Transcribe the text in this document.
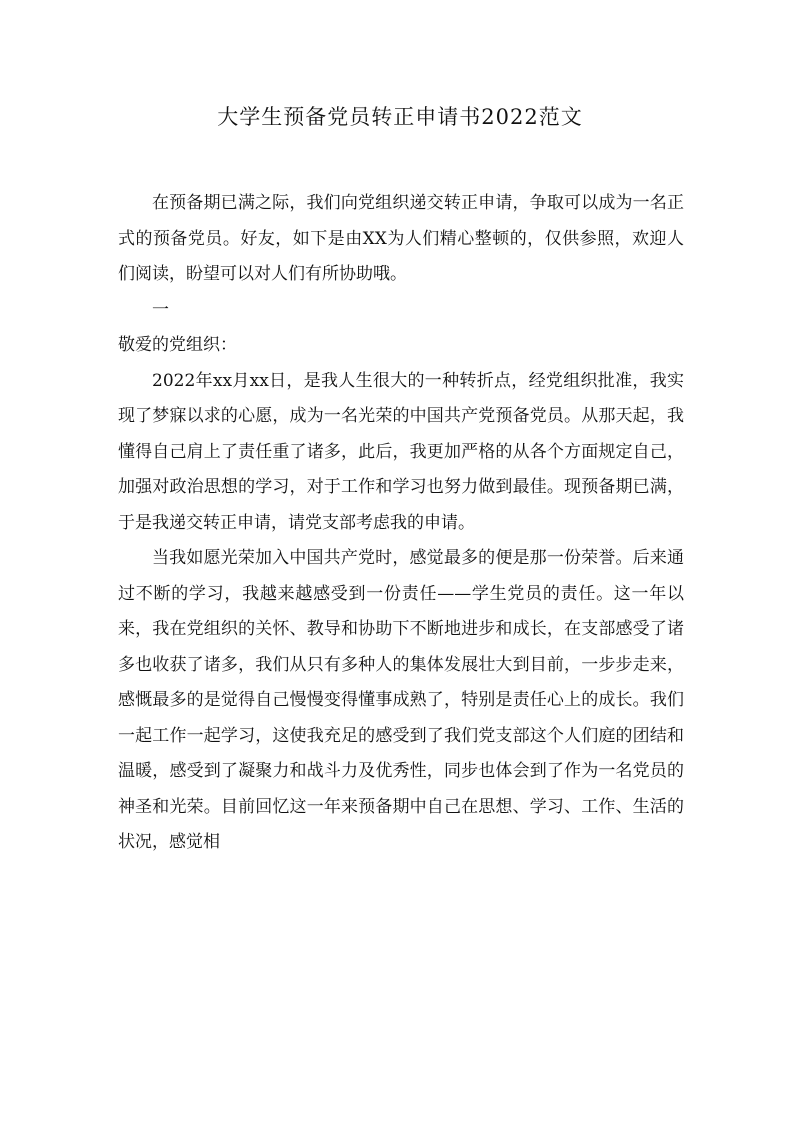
大学生预备党员转正申请书2022范文

在预备期已满之际，我们向党组织递交转正申请，争取可以成为一名正式的预备党员。好友，如下是由XX为人们精心整顿的，仅供参照，欢迎人们阅读，盼望可以对人们有所协助哦。

一

敬爱的党组织：

2022年xx月xx日，是我人生很大的一种转折点，经党组织批准，我实现了梦寐以求的心愿，成为一名光荣的中国共产党预备党员。从那天起，我懂得自己肩上了责任重了诸多，此后，我更加严格的从各个方面规定自己，加强对政治思想的学习，对于工作和学习也努力做到最佳。现预备期已满，于是我递交转正申请，请党支部考虑我的申请。

当我如愿光荣加入中国共产党时，感觉最多的便是那一份荣誉。后来通过不断的学习，我越来越感受到一份责任——学生党员的责任。这一年以来，我在党组织的关怀、教导和协助下不断地进步和成长，在支部感受了诸多也收获了诸多，我们从只有多种人的集体发展壮大到目前，一步步走来，感慨最多的是觉得自己慢慢变得懂事成熟了，特别是责任心上的成长。我们一起工作一起学习，这使我充足的感受到了我们党支部这个人们庭的团结和温暖，感受到了凝聚力和战斗力及优秀性，同步也体会到了作为一名党员的神圣和光荣。目前回忆这一年来预备期中自己在思想、学习、工作、生活的状况，感觉相
